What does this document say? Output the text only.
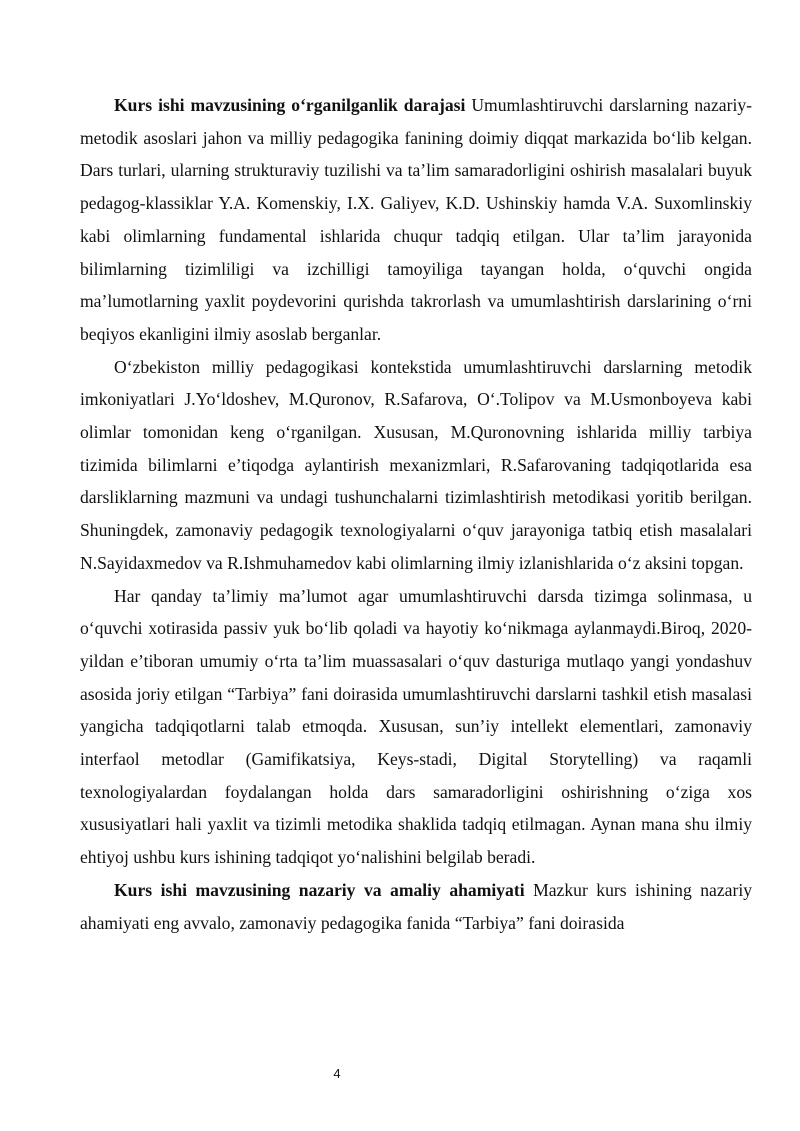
Kurs ishi mavzusining o‘rganilganlik darajasi Umumlashtiruvchi darslarning nazariy-metodik asoslari jahon va milliy pedagogika fanining doimiy diqqat markazida bo‘lib kelgan. Dars turlari, ularning strukturaviy tuzilishi va ta’lim samaradorligini oshirish masalalari buyuk pedagog-klassiklar Y.A. Komenskiy, I.X. Galiyev, K.D. Ushinskiy hamda V.A. Suxomlinskiy kabi olimlarning fundamental ishlarida chuqur tadqiq etilgan. Ular ta’lim jarayonida bilimlarning tizimliligi va izchilligi tamoyiliga tayangan holda, o‘quvchi ongida ma’lumotlarning yaxlit poydevorini qurishda takrorlash va umumlashtirish darslarining o‘rni beqiyos ekanligini ilmiy asoslab berganlar.

O‘zbekiston milliy pedagogikasi kontekstida umumlashtiruvchi darslarning metodik imkoniyatlari J.Yo‘ldoshev, M.Quronov, R.Safarova, O‘.Tolipov va M.Usmonboyeva kabi olimlar tomonidan keng o‘rganilgan. Xususan, M.Quronovning ishlarida milliy tarbiya tizimida bilimlarni e’tiqodga aylantirish mexanizmlari, R.Safarovaning tadqiqotlarida esa darsliklarning mazmuni va undagi tushunchalarni tizimlashtirish metodikasi yoritib berilgan. Shuningdek, zamonaviy pedagogik texnologiyalarni o‘quv jarayoniga tatbiq etish masalalari N.Sayidaxmedov va R.Ishmuhamedov kabi olimlarning ilmiy izlanishlarida o‘z aksini topgan.

Har qanday ta’limiy ma’lumot agar umumlashtiruvchi darsda tizimga solinmasa, u o‘quvchi xotirasida passiv yuk bo‘lib qoladi va hayotiy ko‘nikmaga aylanmaydi.Biroq, 2020-yildan e’tiboran umumiy o‘rta ta’lim muassasalari o‘quv dasturiga mutlaqo yangi yondashuv asosida joriy etilgan “Tarbiya” fani doirasida umumlashtiruvchi darslarni tashkil etish masalasi yangicha tadqiqotlarni talab etmoqda. Xususan, sun’iy intellekt elementlari, zamonaviy interfaol metodlar (Gamifikatsiya, Keys-stadi, Digital Storytelling) va raqamli texnologiyalardan foydalangan holda dars samaradorligini oshirishning o‘ziga xos xususiyatlari hali yaxlit va tizimli metodika shaklida tadqiq etilmagan. Aynan mana shu ilmiy ehtiyoj ushbu kurs ishining tadqiqot yo‘nalishini belgilab beradi.

Kurs ishi mavzusining nazariy va amaliy ahamiyati Mazkur kurs ishining nazariy ahamiyati eng avvalo, zamonaviy pedagogika fanida “Tarbiya” fani doirasida

4
